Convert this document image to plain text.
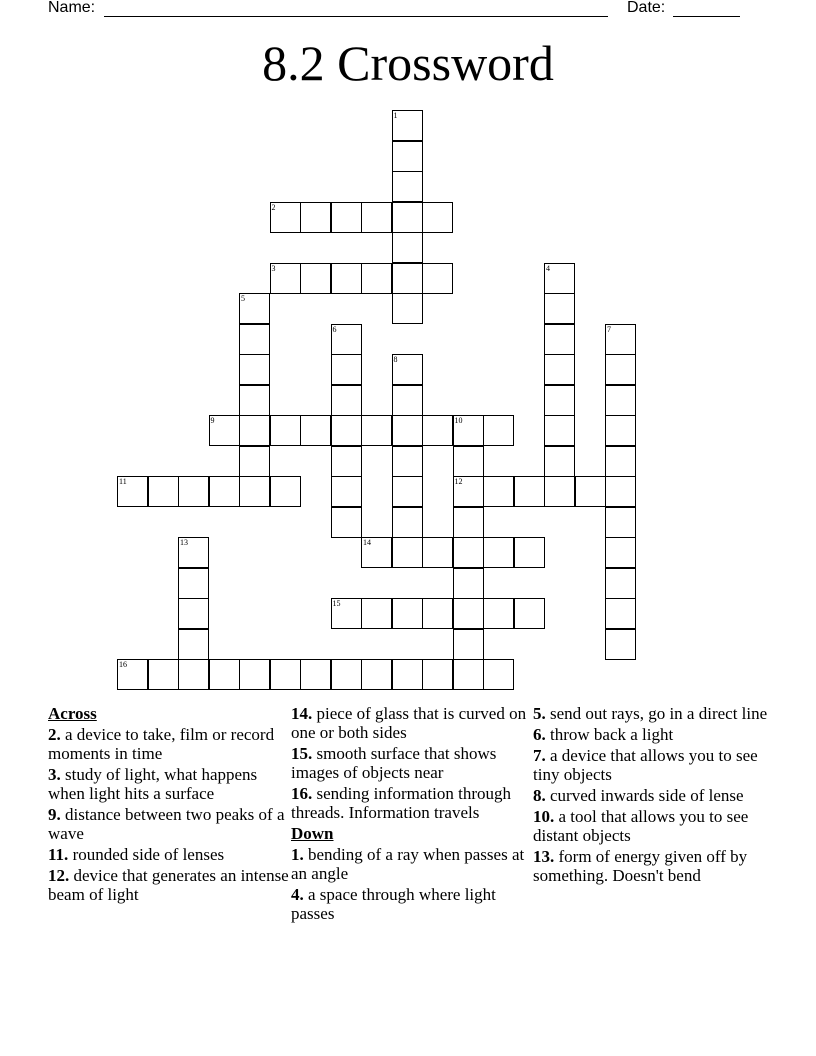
Name:	Date:
8.2 Crossword
1
2
3	4
5
6	7
8
9	10
12
11
13	14
15
16
Across
2. a device to take, film or record moments in time
3. study of light, what happens when light hits a surface
9. distance between two peaks of a wave
11. rounded side of lenses
12. device that generates an intense beam of light
14. piece of glass that is curved on one or both sides
15. smooth surface that shows images of objects near
16. sending information through threads. Information travels
Down
1. bending of a ray when passes at an angle
4. a space through where light passes
5. send out rays, go in a direct line
6. throw back a light
7. a device that allows you to see tiny objects
8. curved inwards side of lense
10. a tool that allows you to see distant objects
13. form of energy given off by something. Doesn't bend
